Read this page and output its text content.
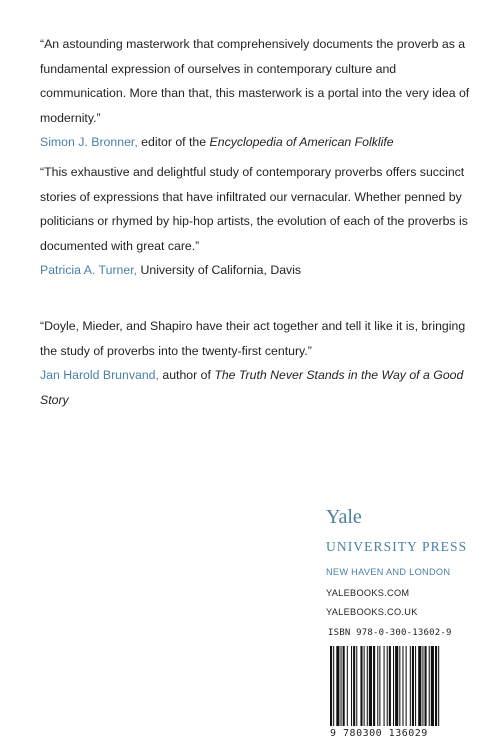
“An astounding masterwork that comprehensively documents the proverb as a fundamental expression of ourselves in contemporary culture and communication. More than that, this masterwork is a portal into the very idea of modernity.”

Simon J. Bronner, editor of the Encyclopedia of American Folklife

“This exhaustive and delightful study of contemporary proverbs offers succinct stories of expressions that have infiltrated our vernacular. Whether penned by politicians or rhymed by hip-hop artists, the evolution of each of the proverbs is documented with great care.”

Patricia A. Turner, University of California, Davis

“Doyle, Mieder, and Shapiro have their act together and tell it like it is, bringing the study of proverbs into the twenty-first century.”

Jan Harold Brunvand, author of The Truth Never Stands in the Way of a Good Story

Yale
UNIVERSITY PRESS
NEW HAVEN AND LONDON
YALEBOOKS.COM
YALEBOOKS.CO.UK
ISBN 978-0-300-13602-9
9 780300 136029
